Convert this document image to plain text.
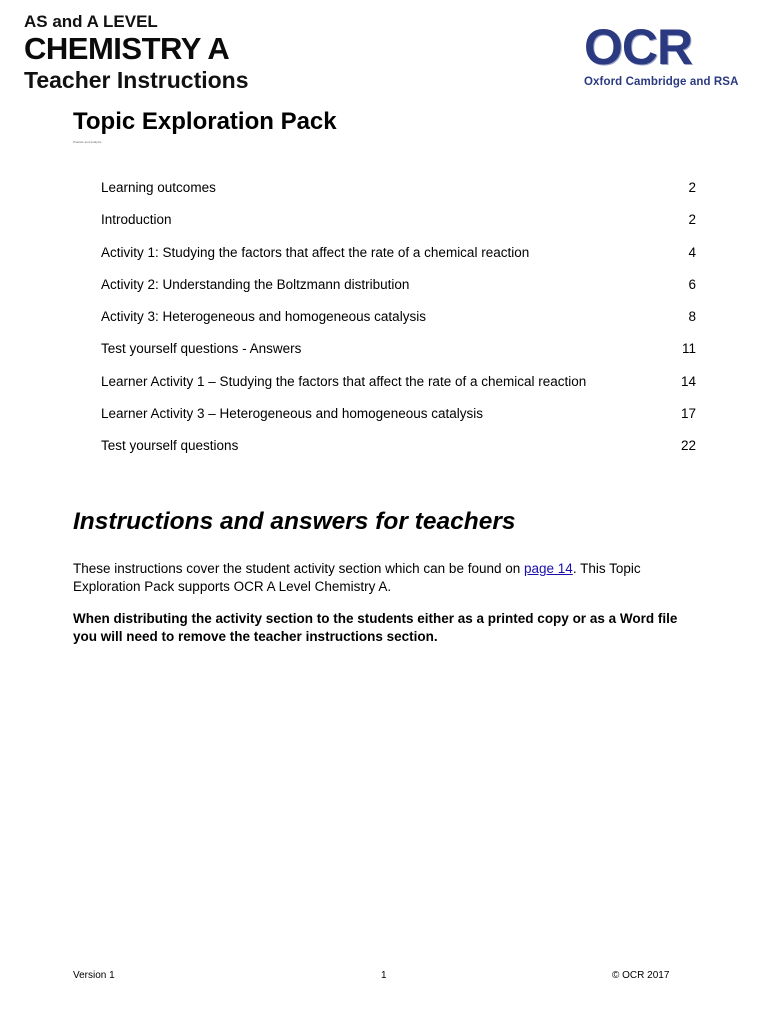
AS and A LEVEL
CHEMISTRY A
Teacher Instructions
OCR
Oxford Cambridge and RSA
Topic Exploration Pack

Practice and analysis

Learning outcomes	2
Introduction	2
Activity 1: Studying the factors that affect the rate of a chemical reaction	4
Activity 2: Understanding the Boltzmann distribution	6
Activity 3: Heterogeneous and homogeneous catalysis	8
Test yourself questions - Answers	11
Learner Activity 1 – Studying the factors that affect the rate of a chemical reaction	14
Learner Activity 3 – Heterogeneous and homogeneous catalysis	17
Test yourself questions	22
Instructions and answers for teachers

These instructions cover the student activity section which can be found on page 14. This Topic Exploration Pack supports OCR A Level Chemistry A.

When distributing the activity section to the students either as a printed copy or as a Word file you will need to remove the teacher instructions section.

Version 1	1	© OCR 2017
